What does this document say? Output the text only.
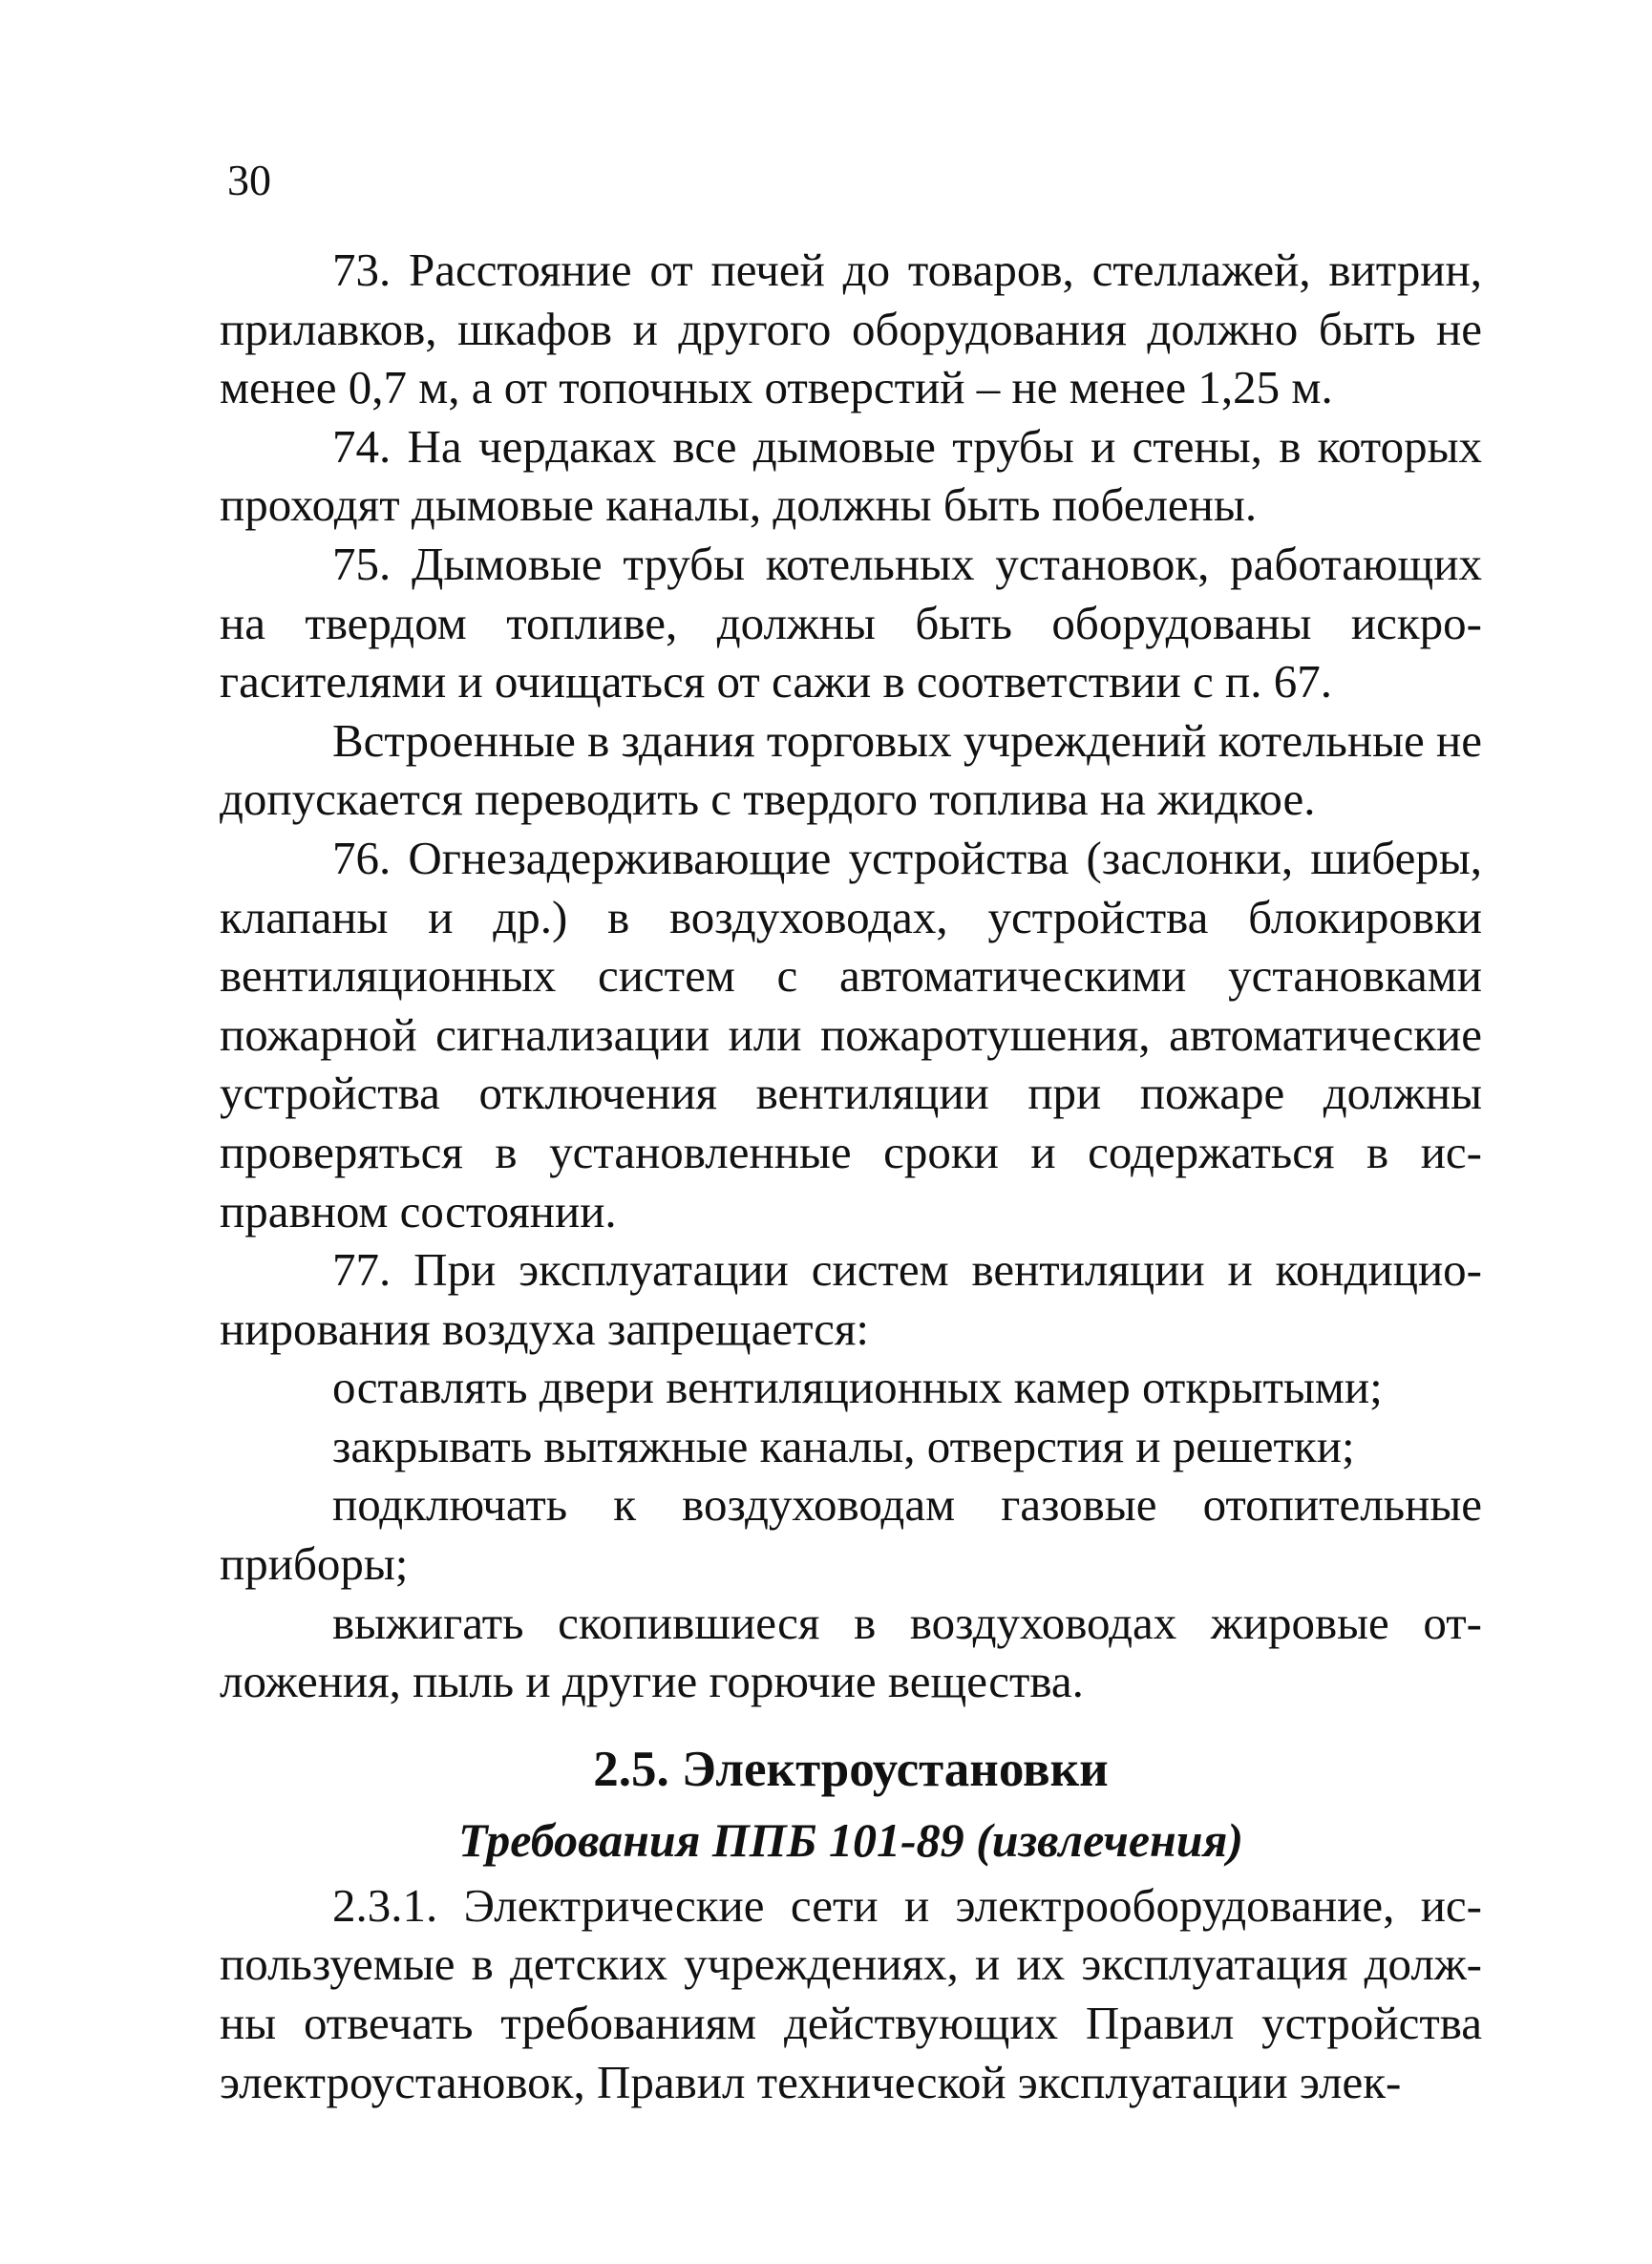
30

73. Расстояние от печей до товаров, стеллажей, витрин, прилавков, шкафов и другого оборудования должно быть не менее 0,7 м, а от топочных отверстий – не менее 1,25 м.

74. На чердаках все дымовые трубы и стены, в которых проходят дымовые каналы, должны быть побелены.

75. Дымовые трубы котельных установок, работающих на твердом топливе, должны быть оборудованы искрогасителями и очищаться от сажи в соответствии с п. 67.

Встроенные в здания торговых учреждений котельные не допускается переводить с твердого топлива на жидкое.

76. Огнезадерживающие устройства (заслонки, шиберы, клапаны и др.) в воздуховодах, устройства блокировки вентиляционных систем с автоматическими установками пожарной сигнализации или пожаротушения, автоматические устройства отключения вентиляции при пожаре должны проверяться в установленные сроки и содержаться в исправном состоянии.

77. При эксплуатации систем вентиляции и кондиционирования воздуха запрещается:

оставлять двери вентиляционных камер открытыми;

закрывать вытяжные каналы, отверстия и решетки;

подключать к воздуховодам газовые отопительные приборы;

выжигать скопившиеся в воздуховодах жировые отложения, пыль и другие горючие вещества.

2.5. Электроустановки
Требования ППБ 101-89 (извлечения)

2.3.1. Электрические сети и электрооборудование, используемые в детских учреждениях, и их эксплуатация должны отвечать требованиям действующих Правил устройства электроустановок, Правил технической эксплуатации элек-
